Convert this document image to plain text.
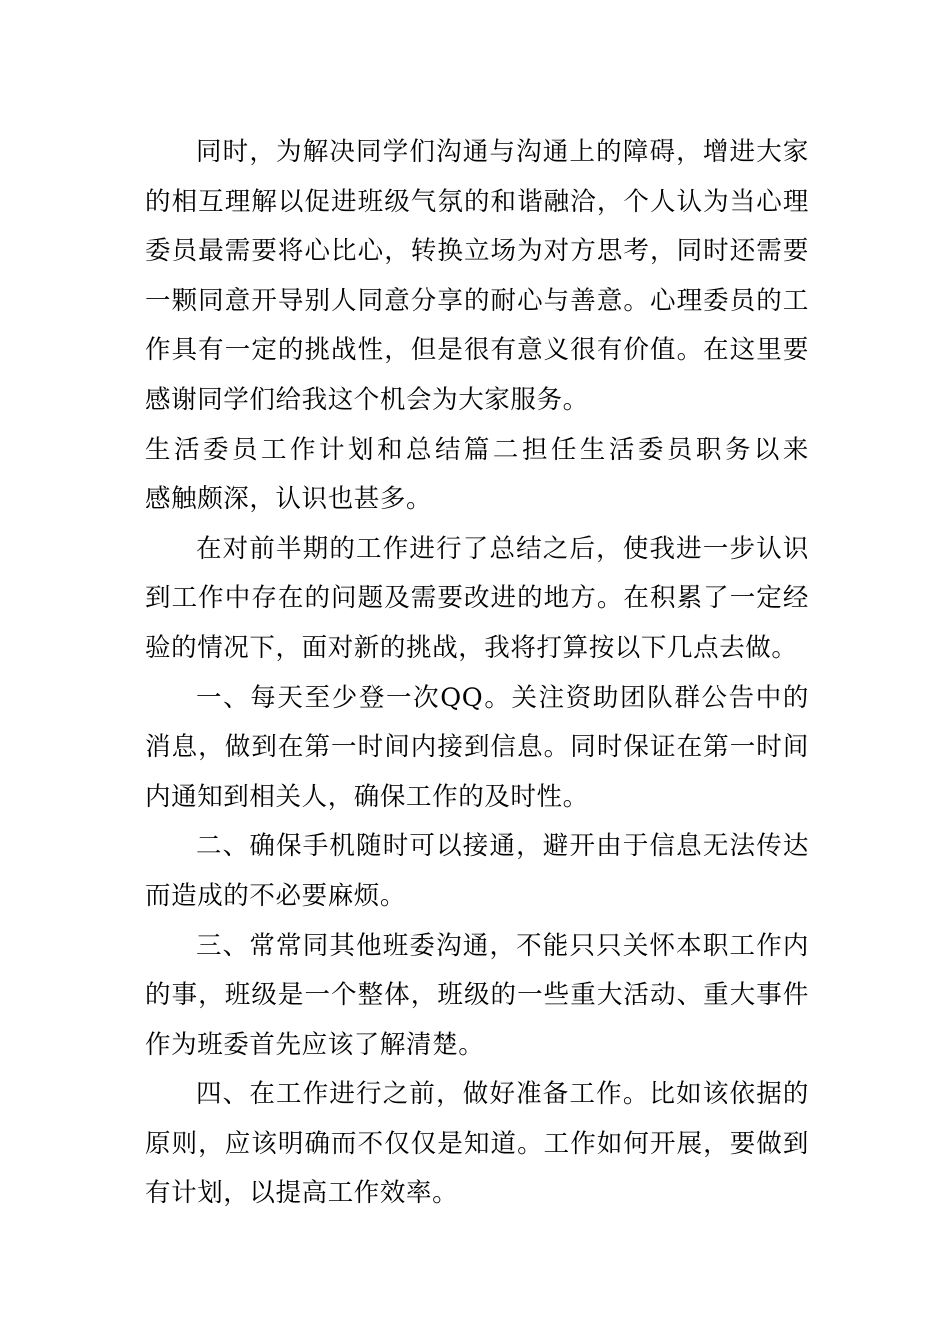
同时，为解决同学们沟通与沟通上的障碍，增进大家的相互理解以促进班级气氛的和谐融洽，个人认为当心理委员最需要将心比心，转换立场为对方思考，同时还需要一颗同意开导别人同意分享的耐心与善意。心理委员的工作具有一定的挑战性，但是很有意义很有价值。在这里要感谢同学们给我这个机会为大家服务。

生活委员工作计划和总结篇二担任生活委员职务以来

感触颇深，认识也甚多。

在对前半期的工作进行了总结之后，使我进一步认识到工作中存在的问题及需要改进的地方。在积累了一定经验的情况下，面对新的挑战，我将打算按以下几点去做。

一、每天至少登一次QQ。关注资助团队群公告中的消息，做到在第一时间内接到信息。同时保证在第一时间内通知到相关人，确保工作的及时性。

二、确保手机随时可以接通，避开由于信息无法传达而造成的不必要麻烦。

三、常常同其他班委沟通，不能只只关怀本职工作内的事，班级是一个整体，班级的一些重大活动、重大事件作为班委首先应该了解清楚。

四、在工作进行之前，做好准备工作。比如该依据的原则，应该明确而不仅仅是知道。工作如何开展，要做到有计划，以提高工作效率。
